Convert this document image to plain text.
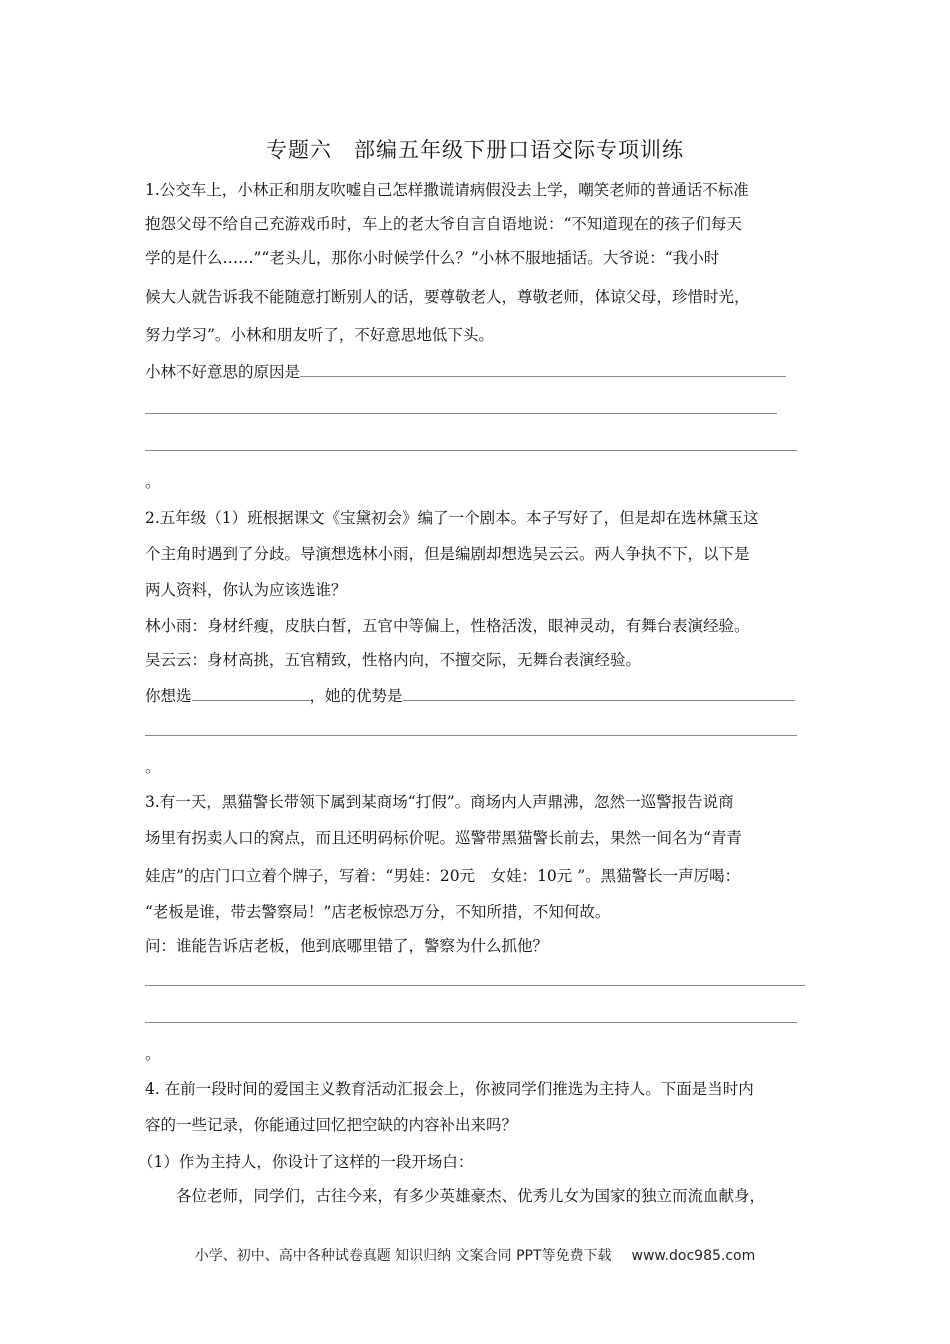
专题六　部编五年级下册口语交际专项训练
1.公交车上，小林正和朋友吹嘘自己怎样撒谎请病假没去上学，嘲笑老师的普通话不标准
抱怨父母不给自己充游戏币时，车上的老大爷自言自语地说：“不知道现在的孩子们每天
学的是什么……”“老头儿，那你小时候学什么？”小林不服地插话。大爷说：“我小时
候大人就告诉我不能随意打断别人的话，要尊敬老人，尊敬老师，体谅父母，珍惜时光，
努力学习”。小林和朋友听了，不好意思地低下头。
小林不好意思的原因是
。
2.五年级（1）班根据课文《宝黛初会》编了一个剧本。本子写好了，但是却在选林黛玉这
个主角时遇到了分歧。导演想选林小雨，但是编剧却想选吴云云。两人争执不下，以下是
两人资料，你认为应该选谁？
林小雨：身材纤瘦，皮肤白皙，五官中等偏上，性格活泼，眼神灵动，有舞台表演经验。
吴云云：身材高挑，五官精致，性格内向，不擅交际，无舞台表演经验。
你想选	，她的优势是
。
3.有一天，黑猫警长带领下属到某商场“打假”。商场内人声鼎沸，忽然一巡警报告说商
场里有拐卖人口的窝点，而且还明码标价呢。巡警带黑猫警长前去，果然一间名为“青青
娃店”的店门口立着个牌子，写着：“男娃：20元　女娃：10元 ”。黑猫警长一声厉喝：
“老板是谁，带去警察局！”店老板惊恐万分，不知所措，不知何故。
问：谁能告诉店老板，他到底哪里错了，警察为什么抓他？
。
4. 在前一段时间的爱国主义教育活动汇报会上，你被同学们推选为主持人。下面是当时内
容的一些记录，你能通过回忆把空缺的内容补出来吗？
（1）作为主持人，你设计了这样的一段开场白：
　　各位老师，同学们，古往今来，有多少英雄豪杰、优秀儿女为国家的独立而流血献身，
小学、初中、高中各种试卷真题 知识归纳 文案合同 PPT等免费下载 www.doc985.com
